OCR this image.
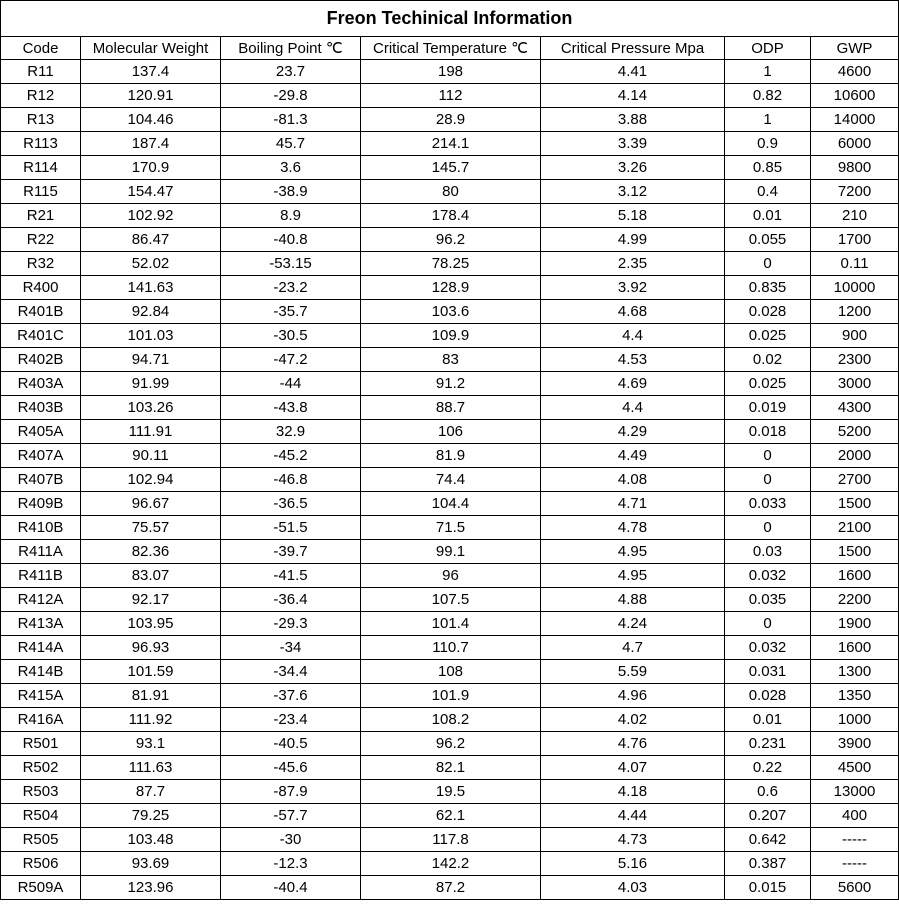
Freon Techinical Information						
Code	Molecular Weight	Boiling Point ℃	Critical Temperature ℃	Critical Pressure Mpa	ODP	GWP
R11	137.4	23.7	198	4.41	1	4600
R12	120.91	-29.8	112	4.14	0.82	10600
R13	104.46	-81.3	28.9	3.88	1	14000
R113	187.4	45.7	214.1	3.39	0.9	6000
R114	170.9	3.6	145.7	3.26	0.85	9800
R115	154.47	-38.9	80	3.12	0.4	7200
R21	102.92	8.9	178.4	5.18	0.01	210
R22	86.47	-40.8	96.2	4.99	0.055	1700
R32	52.02	-53.15	78.25	2.35	0	0.11
R400	141.63	-23.2	128.9	3.92	0.835	10000
R401B	92.84	-35.7	103.6	4.68	0.028	1200
R401C	101.03	-30.5	109.9	4.4	0.025	900
R402B	94.71	-47.2	83	4.53	0.02	2300
R403A	91.99	-44	91.2	4.69	0.025	3000
R403B	103.26	-43.8	88.7	4.4	0.019	4300
R405A	111.91	32.9	106	4.29	0.018	5200
R407A	90.11	-45.2	81.9	4.49	0	2000
R407B	102.94	-46.8	74.4	4.08	0	2700
R409B	96.67	-36.5	104.4	4.71	0.033	1500
R410B	75.57	-51.5	71.5	4.78	0	2100
R411A	82.36	-39.7	99.1	4.95	0.03	1500
R411B	83.07	-41.5	96	4.95	0.032	1600
R412A	92.17	-36.4	107.5	4.88	0.035	2200
R413A	103.95	-29.3	101.4	4.24	0	1900
R414A	96.93	-34	110.7	4.7	0.032	1600
R414B	101.59	-34.4	108	5.59	0.031	1300
R415A	81.91	-37.6	101.9	4.96	0.028	1350
R416A	111.92	-23.4	108.2	4.02	0.01	1000
R501	93.1	-40.5	96.2	4.76	0.231	3900
R502	111.63	-45.6	82.1	4.07	0.22	4500
R503	87.7	-87.9	19.5	4.18	0.6	13000
R504	79.25	-57.7	62.1	4.44	0.207	400
R505	103.48	-30	117.8	4.73	0.642	-----
R506	93.69	-12.3	142.2	5.16	0.387	-----
R509A	123.96	-40.4	87.2	4.03	0.015	5600
